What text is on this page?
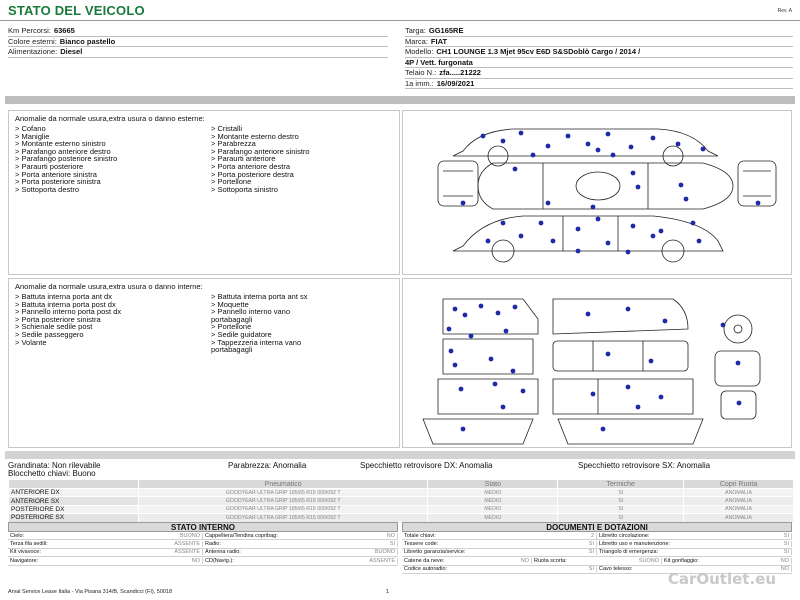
STATO DEL VEICOLO	Rev. A
Km Percorsi: 63665
Colore esterni: Bianco pastello
Alimentazione: Diesel
Targa: GG165RE
Marca: FIAT
Modello: CH1 LOUNGE 1.3 Mjet 95cv E6D S&SDoblò Cargo / 2014 /
4P / Vett. furgonata
Telaio N.: zfa.....21222
1a imm.: 16/09/2021
Anomalie da normale usura,extra usura o danno esterne:
> Cofano
> Maniglie
> Montante esterno sinistro
> Parafango anteriore destro
> Parafango posteriore sinistro
> Paraurti posteriore
> Porta anteriore sinistra
> Porta posteriore sinistra
> Sottoporta destro
> Cristalli
> Montante esterno destro
> Parabrezza
> Parafango anteriore sinistro
> Paraurti anteriore
> Porta anteriore destra
> Porta posteriore destra
> Portellone
> Sottoporta sinistro
Anomalie da normale usura,extra usura o danno interne:
> Battuta interna porta ant dx
> Battuta interna porta post dx
> Pannello interno porta post dx
> Porta posteriore sinistra
> Schienale sedile post
> Sedile passeggero
> Volante
> Battuta interna porta ant sx
> Moquette
> Pannello interno vano
portabagagli
> Portellone
> Sedile guidatore
> Tappezzeria interna vano
portabagagli
Grandinata: Non rilevabile
Blocchetto chiavi: Buono
Parabrezza: Anomalia	Specchietto retrovisore DX: Anomalia	Specchietto retrovisore SX: Anomalia
	Pneumatico	Stato	Termiche	Copri Ruota
ANTERIORE DX	GOODYEAR ULTRA GRIP 185/65 R15 000/092 T	MEDIO	SI	ANOMALIA
ANTERIORE SX	GOODYEAR ULTRA GRIP 185/65 R15 000/092 T	MEDIO	SI	ANOMALIA
POSTERIORE DX	GOODYEAR ULTRA GRIP 185/65 R15 000/092 T	MEDIO	SI	ANOMALIA
POSTERIORE SX	GOODYEAR ULTRA GRIP 185/65 R15 000/092 T	MEDIO	SI	ANOMALIA
STATO INTERNO
Cielo:	BUONO Cappelliera/Tendina copribag:	NO
Terza fila sedili:	ASSENTE Radio:	SI
Kit vivavoce:	ASSENTE Antenna radio:	BUONO
Navigatore:	NO CD(Navig.):	ASSENTE
DOCUMENTI E DOTAZIONI
Totale chiavi:	2 Libretto circolazione:	SI
Tessere code:	SI Libretto uso e manutenzione:	SI
Libretto garanzia/service:	SI Triangolo di emergenza:	SI
Catene da neve:	NO Ruota scorta:	SUONO Kit gonfiaggio:	NO
Codice autoradio:	SI Cavo telesso:	NO
Arval Service Lease Italia - Via Pisana 314/B, Scandicci (FI), 50018	1
CarOutlet.eu
